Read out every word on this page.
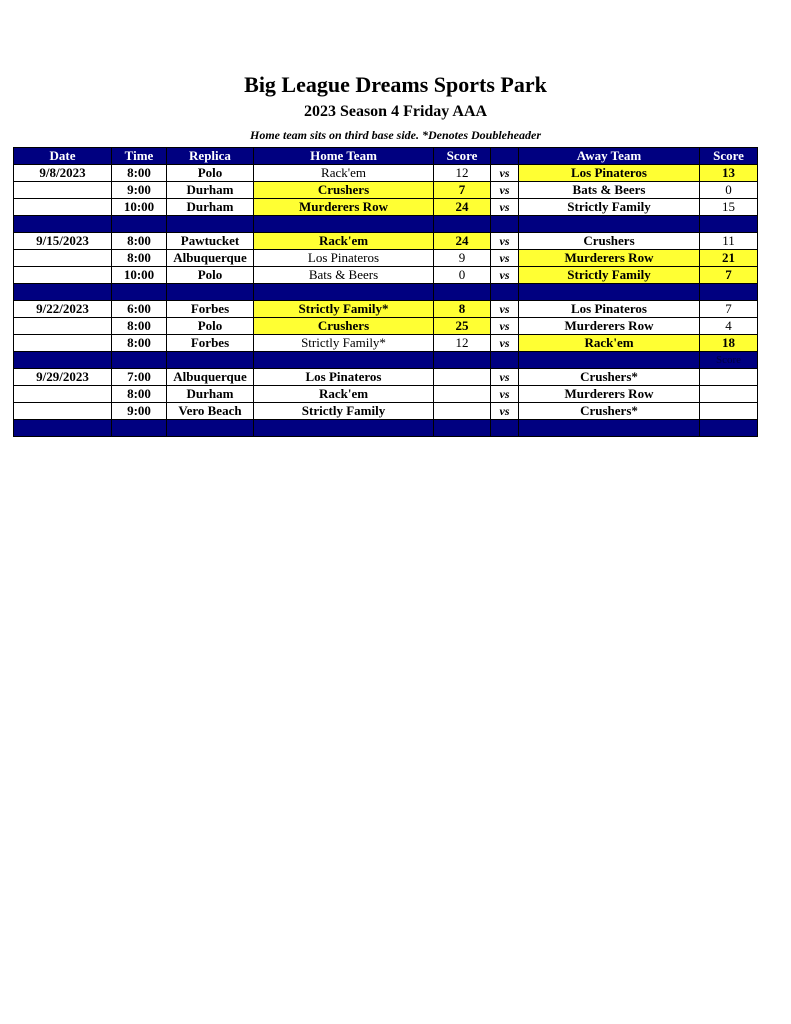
Big League Dreams Sports Park
2023 Season 4 Friday AAA
Home team sits on third base side. *Denotes Doubleheader
Date	Time	Replica	Home Team	Score		Away Team	Score
9/8/2023	8:00	Polo	Rack'em	12	vs	Los Pinateros	13
	9:00	Durham	Crushers	7	vs	Bats & Beers	0
	10:00	Durham	Murderers Row	24	vs	Strictly Family	15

9/15/2023	8:00	Pawtucket	Rack'em	24	vs	Crushers	11
	8:00	Albuquerque	Los Pinateros	9	vs	Murderers Row	21
	10:00	Polo	Bats & Beers	0	vs	Strictly Family	7

9/22/2023	6:00	Forbes	Strictly Family*	8	vs	Los Pinateros	7
	8:00	Polo	Crushers	25	vs	Murderers Row	4
	8:00	Forbes	Strictly Family*	12	vs	Rack'em	18
							Score
9/29/2023	7:00	Albuquerque	Los Pinateros		vs	Crushers*	
	8:00	Durham	Rack'em		vs	Murderers Row	
	9:00	Vero Beach	Strictly Family		vs	Crushers*	
